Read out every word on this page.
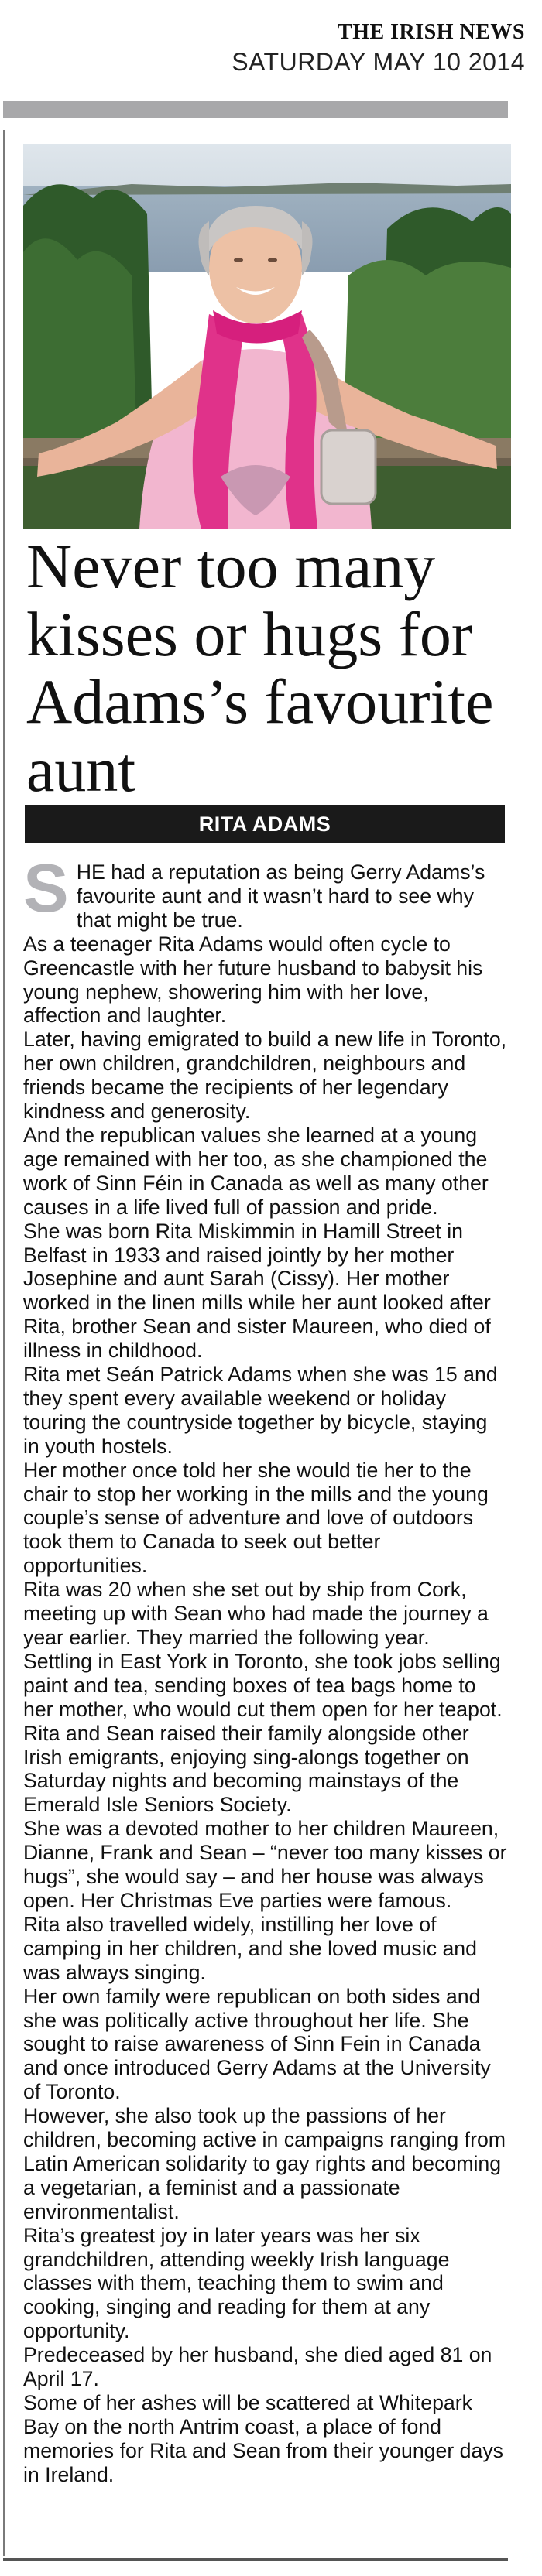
THE IRISH NEWS
SATURDAY MAY 10 2014
Never too many kisses or hugs for Adams’s favourite aunt
RITA ADAMS

SHE had a reputation as being Gerry Adams’s favourite aunt and it wasn’t hard to see why that might be true.

As a teenager Rita Adams would often cycle to Greencastle with her future husband to babysit his young nephew, showering him with her love, affection and laughter.

Later, having emigrated to build a new life in Toronto, her own children, grandchildren, neighbours and friends became the recipients of her legendary kindness and generosity.

And the republican values she learned at a young age remained with her too, as she championed the work of Sinn Féin in Canada as well as many other causes in a life lived full of passion and pride.

She was born Rita Miskimmin in Hamill Street in Belfast in 1933 and raised jointly by her mother Josephine and aunt Sarah (Cissy). Her mother worked in the linen mills while her aunt looked after Rita, brother Sean and sister Maureen, who died of illness in childhood.

Rita met Seán Patrick Adams when she was 15 and they spent every available weekend or holiday touring the countryside together by bicycle, staying in youth hostels.

Her mother once told her she would tie her to the chair to stop her working in the mills and the young couple’s sense of adventure and love of outdoors took them to Canada to seek out better opportunities.

Rita was 20 when she set out by ship from Cork, meeting up with Sean who had made the journey a year earlier. They married the following year.

Settling in East York in Toronto, she took jobs selling paint and tea, sending boxes of tea bags home to her mother, who would cut them open for her teapot.

Rita and Sean raised their family alongside other Irish emigrants, enjoying sing-alongs together on Saturday nights and becoming mainstays of the Emerald Isle Seniors Society.

She was a devoted mother to her children Maureen, Dianne, Frank and Sean – “never too many kisses or hugs”, she would say – and her house was always open. Her Christmas Eve parties were famous.

Rita also travelled widely, instilling her love of camping in her children, and she loved music and was always singing.

Her own family were republican on both sides and she was politically active throughout her life. She sought to raise awareness of Sinn Fein in Canada and once introduced Gerry Adams at the University of Toronto.

However, she also took up the passions of her children, becoming active in campaigns ranging from Latin American solidarity to gay rights and becoming a vegetarian, a feminist and a passionate environmentalist.

Rita’s greatest joy in later years was her six grandchildren, attending weekly Irish language classes with them, teaching them to swim and cooking, singing and reading for them at any opportunity.

Predeceased by her husband, she died aged 81 on April 17.

Some of her ashes will be scattered at Whitepark Bay on the north Antrim coast, a place of fond memories for Rita and Sean from their younger days in Ireland.
